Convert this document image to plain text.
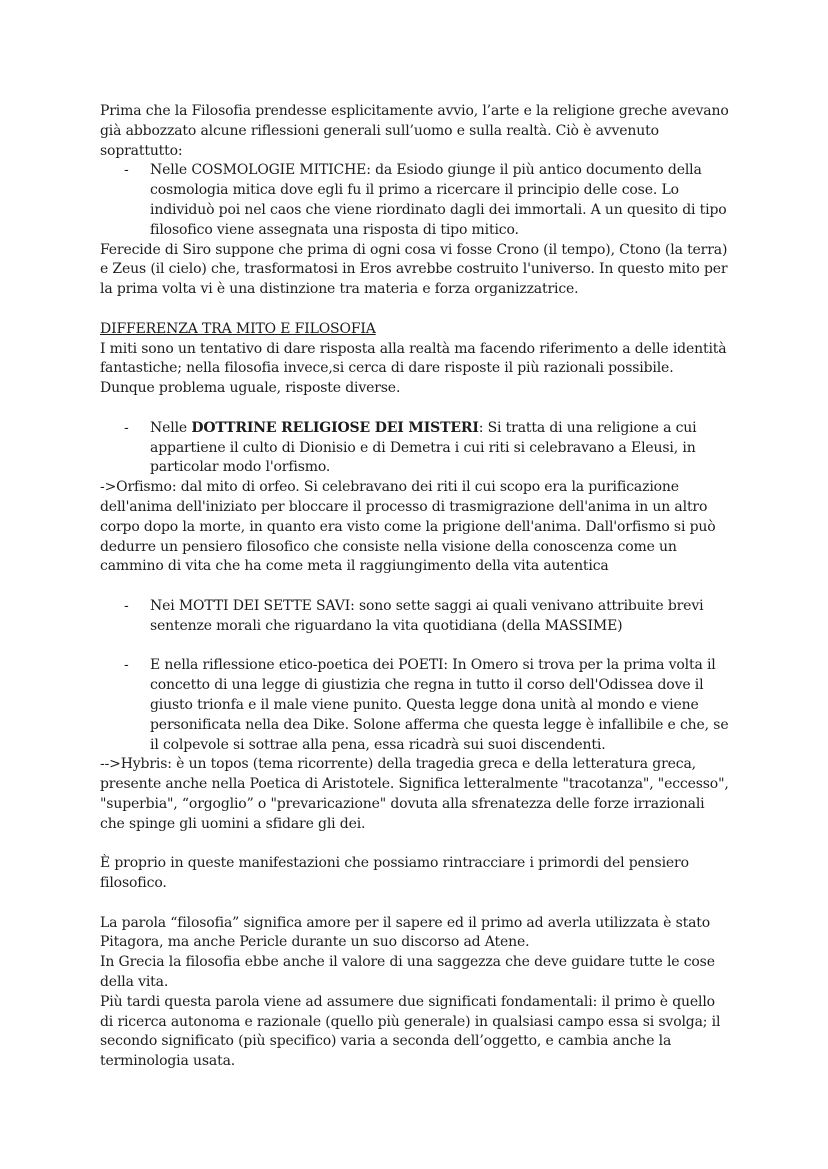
Prima che la Filosofia prendesse esplicitamente avvio, l’arte e la religione greche avevano già abbozzato alcune riflessioni generali sull’uomo e sulla realtà. Ciò è avvenuto soprattutto:

- Nelle COSMOLOGIE MITICHE: da Esiodo giunge il più antico documento della cosmologia mitica dove egli fu il primo a ricercare il principio delle cose. Lo individuò poi nel caos che viene riordinato dagli dei immortali. A un quesito di tipo filosofico viene assegnata una risposta di tipo mitico.

Ferecide di Siro suppone che prima di ogni cosa vi fosse Crono (il tempo), Ctono (la terra) e Zeus (il cielo) che, trasformatosi in Eros avrebbe costruito l'universo. In questo mito per la prima volta vi è una distinzione tra materia e forza organizzatrice.

DIFFERENZA TRA MITO E FILOSOFIA

I miti sono un tentativo di dare risposta alla realtà ma facendo riferimento a delle identità fantastiche; nella filosofia invece,si cerca di dare risposte il più razionali possibile.

Dunque problema uguale, risposte diverse.

- Nelle DOTTRINE RELIGIOSE DEI MISTERI: Si tratta di una religione a cui appartiene il culto di Dionisio e di Demetra i cui riti si celebravano a Eleusi, in particolar modo l'orfismo.

->Orfismo: dal mito di orfeo. Si celebravano dei riti il cui scopo era la purificazione dell'anima dell'iniziato per bloccare il processo di trasmigrazione dell'anima in un altro corpo dopo la morte, in quanto era visto come la prigione dell'anima. Dall'orfismo si può dedurre un pensiero filosofico che consiste nella visione della conoscenza come un cammino di vita che ha come meta il raggiungimento della vita autentica

- Nei MOTTI DEI SETTE SAVI: sono sette saggi ai quali venivano attribuite brevi sentenze morali che riguardano la vita quotidiana (della MASSIME)

- E nella riflessione etico-poetica dei POETI: In Omero si trova per la prima volta il concetto di una legge di giustizia che regna in tutto il corso dell'Odissea dove il giusto trionfa e il male viene punito. Questa legge dona unità al mondo e viene personificata nella dea Dike. Solone afferma che questa legge è infallibile e che, se il colpevole si sottrae alla pena, essa ricadrà sui suoi discendenti.

-->Hybris: è un topos (tema ricorrente) della tragedia greca e della letteratura greca, presente anche nella Poetica di Aristotele. Significa letteralmente "tracotanza", "eccesso", "superbia", “orgoglio” o "prevaricazione" dovuta alla sfrenatezza delle forze irrazionali che spinge gli uomini a sfidare gli dei.

È proprio in queste manifestazioni che possiamo rintracciare i primordi del pensiero filosofico.

La parola “filosofia” significa amore per il sapere ed il primo ad averla utilizzata è stato Pitagora, ma anche Pericle durante un suo discorso ad Atene.

In Grecia la filosofia ebbe anche il valore di una saggezza che deve guidare tutte le cose della vita.

Più tardi questa parola viene ad assumere due significati fondamentali: il primo è quello di ricerca autonoma e razionale (quello più generale) in qualsiasi campo essa si svolga; il secondo significato (più specifico) varia a seconda dell’oggetto, e cambia anche la terminologia usata.
